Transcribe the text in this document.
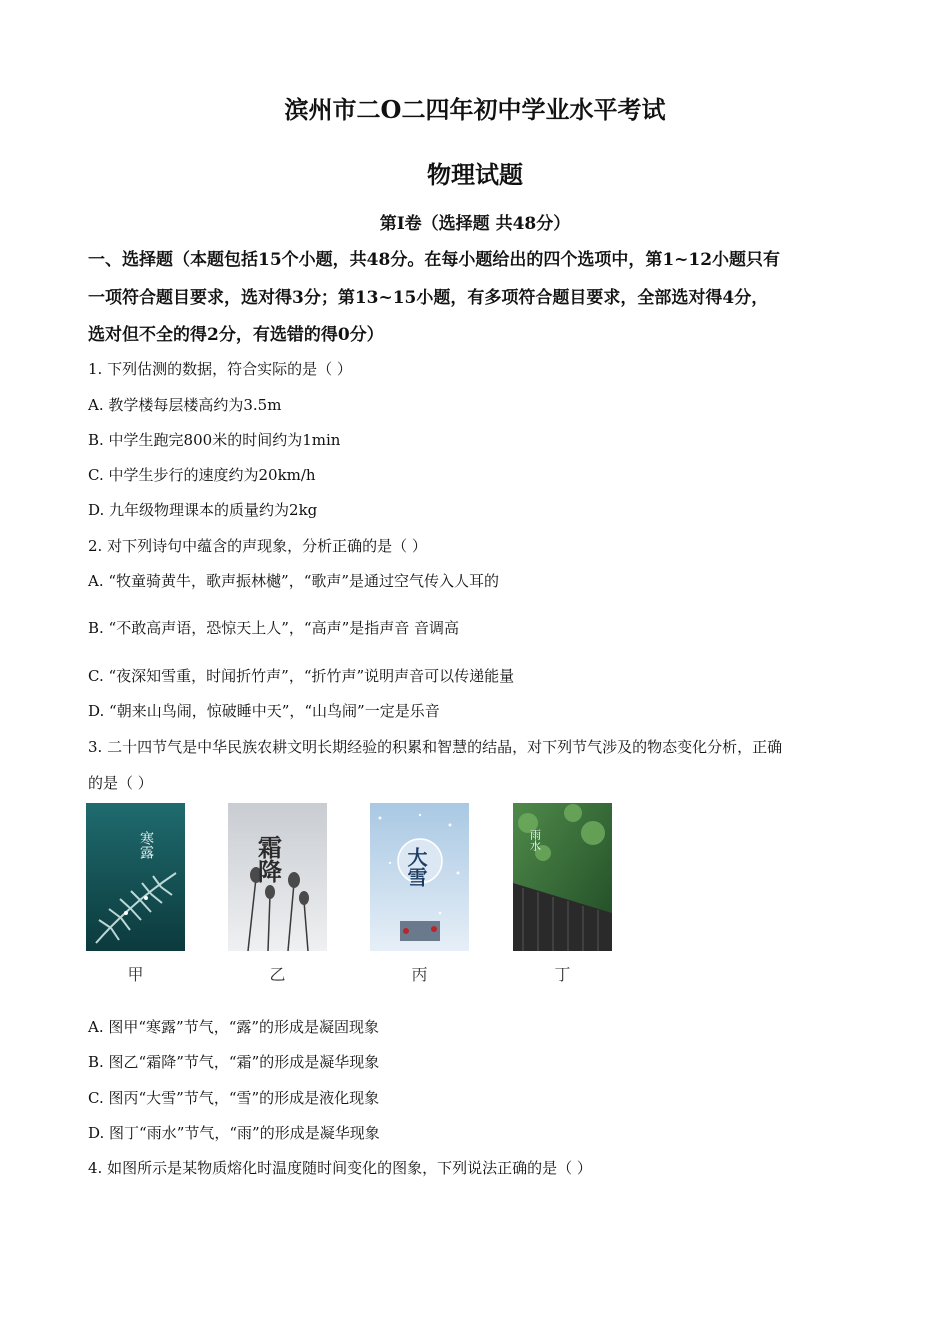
滨州市二O二四年初中学业水平考试
物理试题
第Ⅰ卷（选择题 共48分）
一、选择题（本题包括15个小题，共48分。在每小题给出的四个选项中，第1~12小题只有
一项符合题目要求，选对得3分；第13~15小题，有多项符合题目要求，全部选对得4分，
选对但不全的得2分，有选错的得0分）
1. 下列估测的数据，符合实际的是（ ）
A. 教学楼每层楼高约为3.5m
B. 中学生跑完800米的时间约为1min
C. 中学生步行的速度约为20km/h
D. 九年级物理课本的质量约为2kg
2. 对下列诗句中蕴含的声现象，分析正确的是（ ）
A. “牧童骑黄牛，歌声振林樾”，“歌声”是通过空气传入人耳的
B. “不敢高声语，恐惊天上人”，“高声”是指声音 音调高
C. “夜深知雪重，时闻折竹声”，“折竹声”说明声音可以传递能量
D. “朝来山鸟闹，惊破睡中天”，“山鸟闹”一定是乐音
3. 二十四节气是中华民族农耕文明长期经验的积累和智慧的结晶，对下列节气涉及的物态变化分析，正确
的是（ ）
寒露
甲
霜降
乙
大雪
丙
雨水
丁
A. 图甲“寒露”节气，“露”的形成是凝固现象
B. 图乙“霜降”节气，“霜”的形成是凝华现象
C. 图丙“大雪”节气，“雪”的形成是液化现象
D. 图丁“雨水”节气，“雨”的形成是凝华现象
4. 如图所示是某物质熔化时温度随时间变化的图象，下列说法正确的是（ ）
